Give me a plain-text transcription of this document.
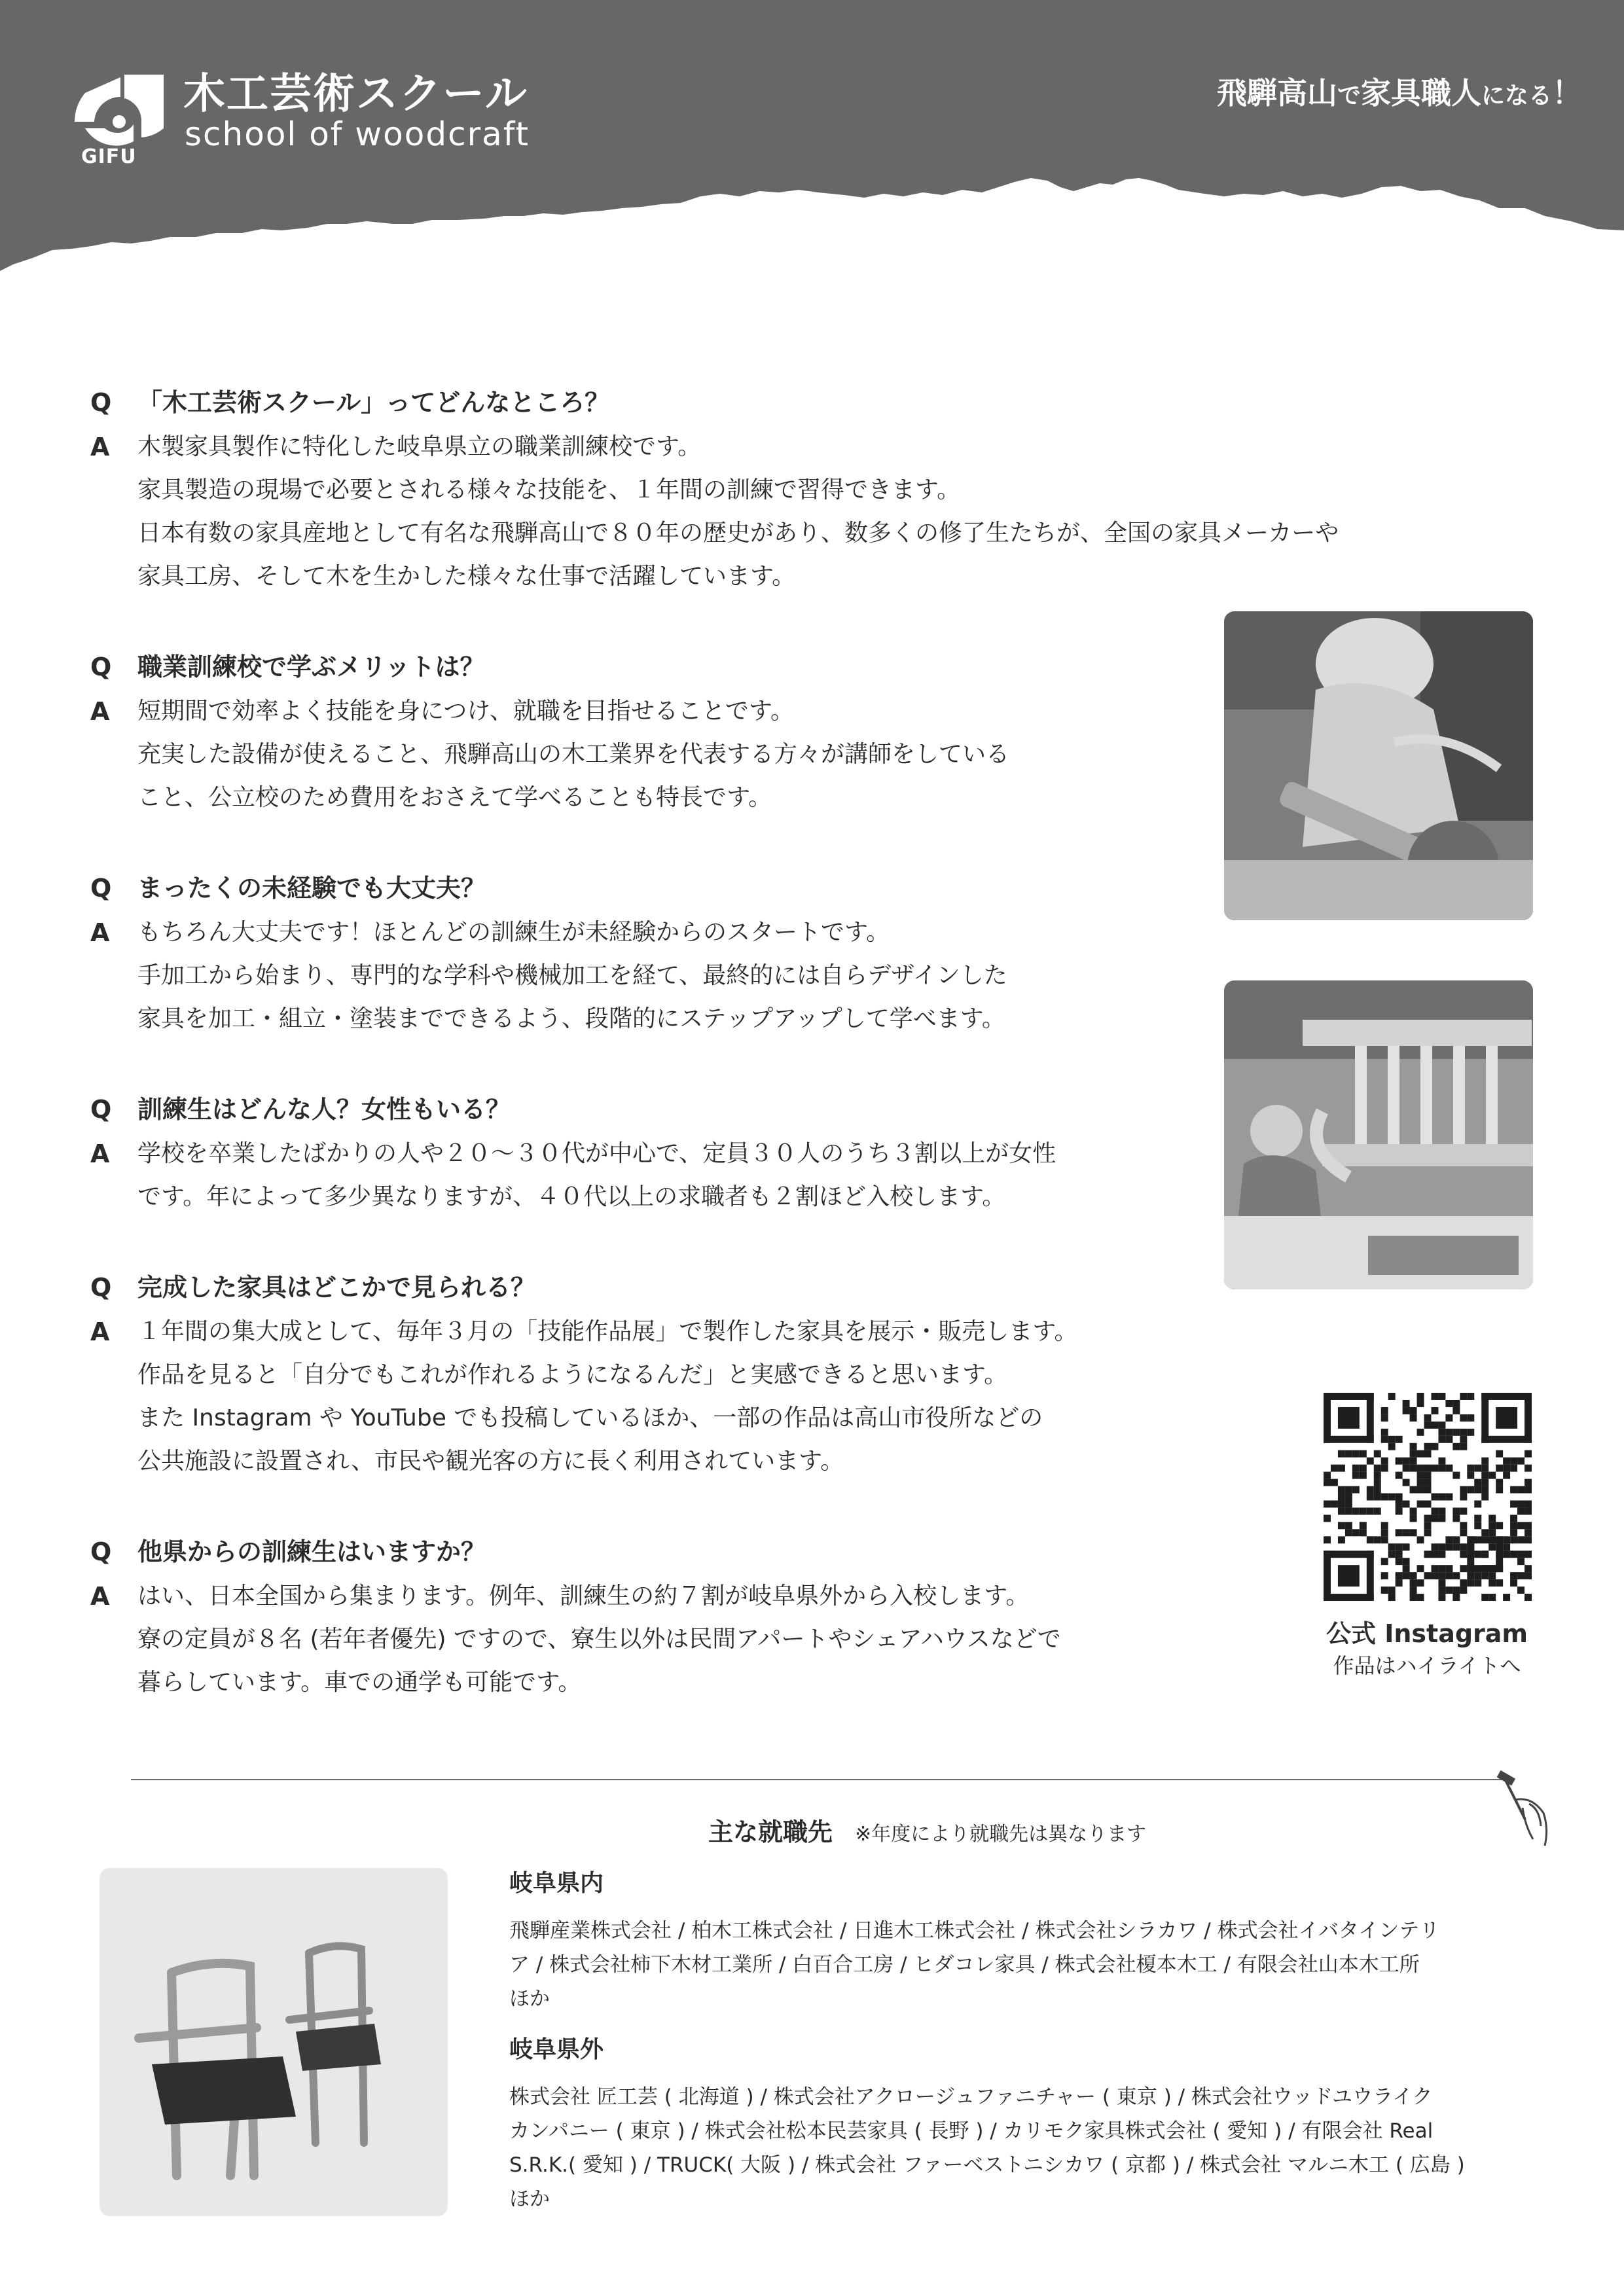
GIFU
木工芸術スクール
school of woodcraft
飛騨高山で家具職人になる！
Q	「木工芸術スクール」ってどんなところ？
A	木製家具製作に特化した岐阜県立の職業訓練校です。
家具製造の現場で必要とされる様々な技能を、１年間の訓練で習得できます。
日本有数の家具産地として有名な飛騨高山で８０年の歴史があり、数多くの修了生たちが、全国の家具メーカーや
家具工房、そして木を生かした様々な仕事で活躍しています。
Q	職業訓練校で学ぶメリットは？
A	短期間で効率よく技能を身につけ、就職を目指せることです。
充実した設備が使えること、飛騨高山の木工業界を代表する方々が講師をしている
こと、公立校のため費用をおさえて学べることも特長です。
Q	まったくの未経験でも大丈夫？
A	もちろん大丈夫です！ほとんどの訓練生が未経験からのスタートです。
手加工から始まり、専門的な学科や機械加工を経て、最終的には自らデザインした
家具を加工・組立・塗装までできるよう、段階的にステップアップして学べます。
Q	訓練生はどんな人？女性もいる？
A	学校を卒業したばかりの人や２０～３０代が中心で、定員３０人のうち３割以上が女性
です。年によって多少異なりますが、４０代以上の求職者も２割ほど入校します。
Q	完成した家具はどこかで見られる？
A	１年間の集大成として、毎年３月の「技能作品展」で製作した家具を展示・販売します。
作品を見ると「自分でもこれが作れるようになるんだ」と実感できると思います。
また Instagram や YouTube でも投稿しているほか、一部の作品は高山市役所などの
公共施設に設置され、市民や観光客の方に長く利用されています。
Q	他県からの訓練生はいますか？
A	はい、日本全国から集まります。例年、訓練生の約７割が岐阜県外から入校します。
寮の定員が８名 (若年者優先) ですので、寮生以外は民間アパートやシェアハウスなどで
暮らしています。車での通学も可能です。
公式 Instagram
作品はハイライトへ
主な就職先 ※年度により就職先は異なります
岐阜県内
飛騨産業株式会社 / 柏木工株式会社 / 日進木工株式会社 / 株式会社シラカワ / 株式会社イバタインテリ
ア / 株式会社柿下木材工業所 / 白百合工房 / ヒダコレ家具 / 株式会社榎本木工 / 有限会社山本木工所
ほか
岐阜県外
株式会社 匠工芸 ( 北海道 ) / 株式会社アクロージュファニチャー ( 東京 ) / 株式会社ウッドユウライク
カンパニー ( 東京 ) / 株式会社松本民芸家具 ( 長野 ) / カリモク家具株式会社 ( 愛知 ) / 有限会社 Real
S.R.K.( 愛知 ) / TRUCK( 大阪 ) / 株式会社 ファーベストニシカワ ( 京都 ) / 株式会社 マルニ木工 ( 広島 )
ほか
